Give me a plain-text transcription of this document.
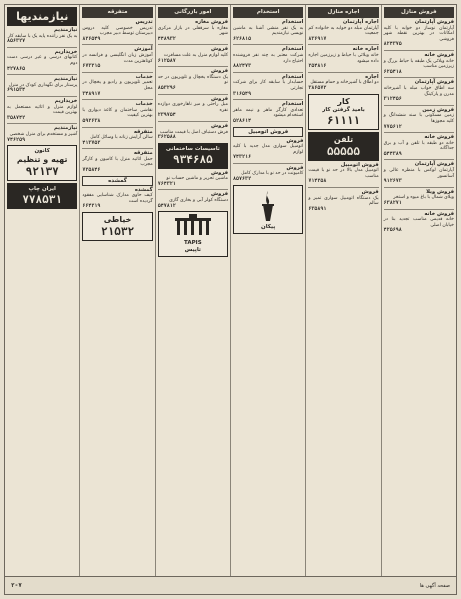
فروش منازل
فروش آپارتمان
آپارتمان نوساز دو خوابه با کلیه امکانات در بهترین نقطه شهر فروشی
۸۲۴۳۷۵
فروش خانه
خانه ویلائی یک طبقه با حیاط بزرگ و زیرزمین مناسب
۶۲۵۴۱۸
فروش آپارتمان
سه اطاق خواب مبله با آشپزخانه مدرن و پارکینگ
۳۱۲۴۵۶
فروش زمین
زمین مسکونی با سند ششدانگ و کلیه مجوزها
۷۷۵۶۱۲
فروش خانه
خانه دو طبقه با تلفن و آب و برق جداگانه
۵۴۴۳۸۹
فروش آپارتمان
آپارتمان لوکس با منظره عالی و آسانسور
۹۱۲۶۷۳
فروش ویلا
ویلای شمال با باغ میوه و استخر
۶۳۸۲۷۱
فروش خانه
خانه قدیمی مناسب تجدید بنا در خیابان اصلی
۴۲۵۶۹۸
اجاره منازل
اجاره آپارتمان
آپارتمان مبله دو خوابه به خانواده کم جمعیت
۸۳۶۹۱۷
اجاره خانه
خانه ویلائی با حیاط و زیرزمین اجاره داده میشود
۲۵۴۸۱۶
اجاره
دو اطاق با آشپزخانه و حمام مستقل
۳۸۶۵۷۲
کار
بامید گرفتن کار
۶۱۱۱۱
تلفن
۵۵۵۵۵
فروش اتومبیل
اتومبیل مدل بالا در حد نو با قیمت مناسب
۷۱۴۲۵۸
فروش
یک دستگاه اتومبیل سواری تمیز و سالم
۶۳۵۸۹۱
استخدام
استخدام
به یک نفر منشی آشنا به ماشین نویسی نیازمندیم
۶۲۶۸۱۵
استخدام
شرکت معتبر به چند نفر فروشنده احتیاج دارد
۸۸۲۴۷۳
استخدام
حسابدار با سابقه کار برای شرکت تجارتی
۳۱۶۵۴۹
استخدام
تعدادی کارگر ماهر و نیمه ماهر استخدام میشود
۵۲۸۶۱۴
فروش اتومبیل
فروش
اتومبیل سواری مدل جدید با کلیه لوازم
۷۴۳۲۱۶
فروش
کامیونت در حد نو با مدارک کامل
۸۵۷۶۳۲
پیکان
امور بازرگانی
فروش مغازه
مغازه با سرقفلی در بازار مرکزی شهر
۴۴۸۹۳۲
فروش
کلیه لوازم منزل به علت مسافرت
۶۱۲۵۸۷
فروش
یک دستگاه یخچال و تلویزیون در حد نو
۸۵۳۲۹۶
فروش
مبل راحتی و میز ناهارخوری دوازده نفره
۲۳۹۷۵۴
فروش
فرش دستباف اصل با قیمت مناسب
۳۶۲۵۸۸
تاسیسات ساختمانی
۹۳۴۶۸۵
فروش
ماشین تحریر و ماشین حساب نو
۷۶۴۳۲۱
فروش
دستگاه کولر آبی و بخاری گازی
۵۴۷۸۱۲
TAPIS
تاپیس
متفرقه
تدریس
تدریس خصوصی کلیه دروس دبیرستان توسط دبیر مجرب
۸۲۶۵۴۹
آموزش
آموزش زبان انگلیسی و فرانسه در کوتاهترین مدت
۶۷۳۲۱۵
خدمات
تعمیر تلویزیون و رادیو و یخچال در محل
۳۴۸۹۱۷
خدمات
نقاشی ساختمان و کاغذ دیواری با بهترین کیفیت
۵۹۲۶۳۸
متفرقه
سالن آرایش زنانه با وسائل کامل
۴۱۳۷۵۲
متفرقه
حمل اثاثیه منزل با کامیون و کارگر مجرب
۷۲۵۸۴۶
گمشده
گمشده
کیف حاوی مدارک شناسایی مفقود گردیده است
۶۶۴۲۱۹
خیاطی
۲۱۵۳۲
نیازمندیها
نیازمندیم
به یک نفر راننده پایه یک با سابقه کار
۸۵۶۳۲۷
خریداریم
کتابهای درسی و غیر درسی دست دوم
۴۲۷۸۶۵
نیازمندیم
پرستار برای نگهداری کودک در منزل
۶۹۱۵۳۴
خریداریم
لوازم منزل و اثاثیه مستعمل به بهترین قیمت
۳۵۸۷۴۲
نیازمندیم
آشپز و مستخدم برای منزل شخصی
۷۴۶۲۵۹
کانون
تهیه و تنظیم
۹۲۱۳۷
ایران چاپ
۷۷۸۵۳۱
صفحه آگهی ها
۲-۷
